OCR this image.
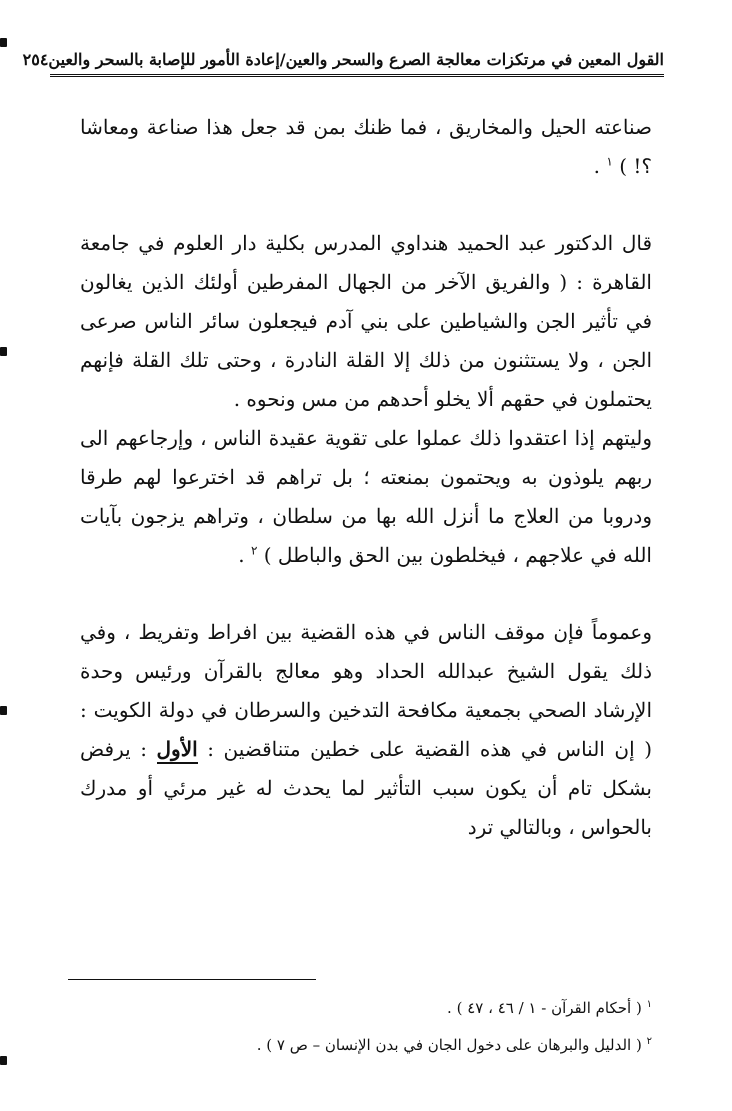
القول المعين في مرتكزات معالجة الصرع والسحر والعين/إعادة الأمور للإصابة بالسحر والعين
٢٥٤

صناعته الحيل والمخاريق ، فما ظنك بمن قد جعل هذا صناعة ومعاشا ؟! ) $^١$ .

قال الدكتور عبد الحميد هنداوي المدرس بكلية دار العلوم في جامعة القاهرة : ( والفريق الآخر من الجهال المفرطين أولئك الذين يغالون في تأثير الجن والشياطين على بني آدم فيجعلون سائر الناس صرعى الجن ، ولا يستثنون من ذلك إلا القلة النادرة ، وحتى تلك القلة فإنهم يحتملون في حقهم ألا يخلو أحدهم من مس ونحوه .

وليتهم إذا اعتقدوا ذلك عملوا على تقوية عقيدة الناس ، وإرجاعهم الى ربهم يلوذون به ويحتمون بمنعته ؛ بل تراهم قد اخترعوا لهم طرقا ودروبا من العلاج ما أنزل الله بها من سلطان ، وتراهم يزجون بآيات الله في علاجهم ، فيخلطون بين الحق والباطل ) $^٢$ .

وعموماً فإن موقف الناس في هذه القضية بين افراط وتفريط ، وفي ذلك يقول الشيخ عبدالله الحداد وهو معالج بالقرآن ورئيس وحدة الإرشاد الصحي بجمعية مكافحة التدخين والسرطان في دولة الكويت : ( إن الناس في هذه القضية على خطين متناقضين : الأول : يرفض بشكل تام أن يكون سبب التأثير لما يحدث له غير مرئي أو مدرك بالحواس ، وبالتالي ترد

$^١$ ( أحكام القرآن - ١ / ٤٦ ، ٤٧ ) .

$^٢$ ( الدليل والبرهان على دخول الجان في بدن الإنسان – ص ٧ ) .
